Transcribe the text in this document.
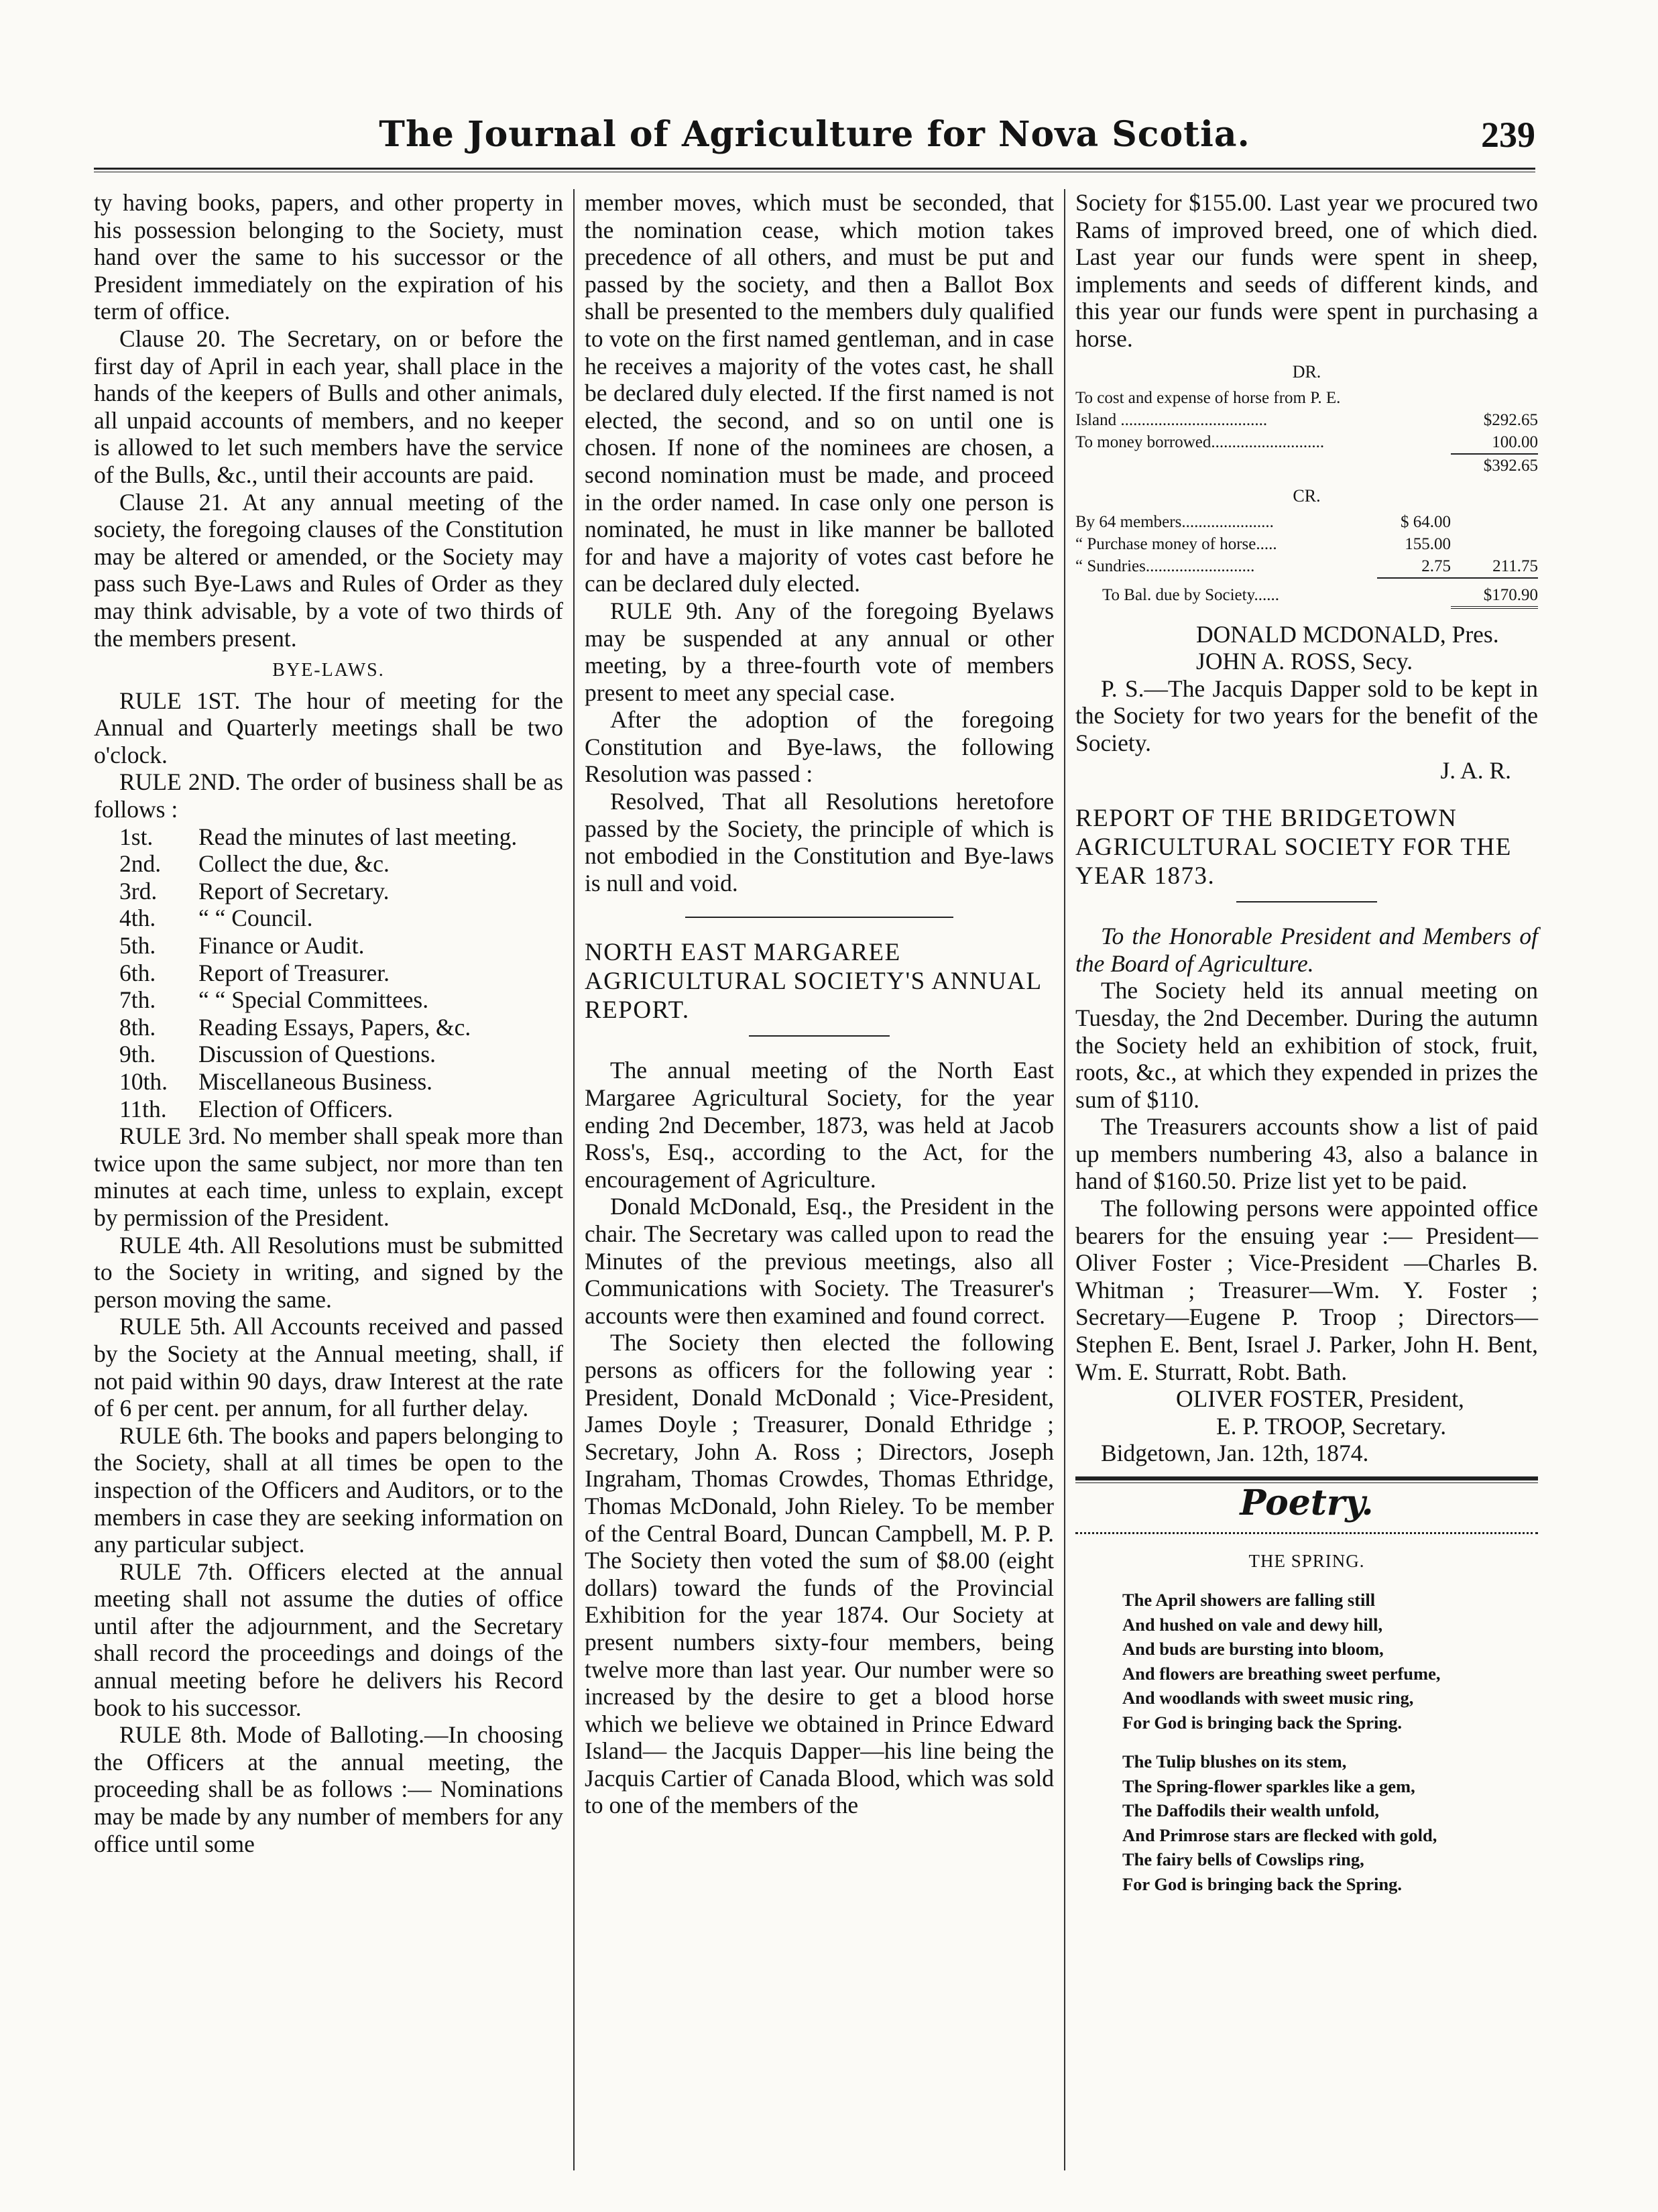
The Journal of Agriculture for Nova Scotia.	239

ty having books, papers, and other property in his possession belonging to the Society, must hand over the same to his successor or the President immediately on the expiration of his term of office.

Clause 20. The Secretary, on or before the first day of April in each year, shall place in the hands of the keepers of Bulls and other animals, all unpaid accounts of members, and no keeper is allowed to let such members have the service of the Bulls, &c., until their accounts are paid.

Clause 21. At any annual meeting of the society, the foregoing clauses of the Constitution may be altered or amended, or the Society may pass such Bye-Laws and Rules of Order as they may think advisable, by a vote of two thirds of the members present.

BYE-LAWS.

RULE 1ST. The hour of meeting for the Annual and Quarterly meetings shall be two o'clock.

RULE 2ND. The order of business shall be as follows :

1st.	Read the minutes of last meeting.
2nd.	Collect the due, &c.
3rd.	Report of Secretary.
4th.	“ “ Council.
5th.	Finance or Audit.
6th.	Report of Treasurer.
7th.	“ “ Special Committees.
8th.	Reading Essays, Papers, &c.
9th.	Discussion of Questions.
10th.	Miscellaneous Business.
11th.	Election of Officers.

RULE 3rd. No member shall speak more than twice upon the same subject, nor more than ten minutes at each time, unless to explain, except by permission of the President.

RULE 4th. All Resolutions must be submitted to the Society in writing, and signed by the person moving the same.

RULE 5th. All Accounts received and passed by the Society at the Annual meeting, shall, if not paid within 90 days, draw Interest at the rate of 6 per cent. per annum, for all further delay.

RULE 6th. The books and papers belonging to the Society, shall at all times be open to the inspection of the Officers and Auditors, or to the members in case they are seeking information on any particular subject.

RULE 7th. Officers elected at the annual meeting shall not assume the duties of office until after the adjournment, and the Secretary shall record the proceedings and doings of the annual meeting before he delivers his Record book to his successor.

RULE 8th. Mode of Balloting.—In choosing the Officers at the annual meeting, the proceeding shall be as follows :— Nominations may be made by any number of members for any office until some

member moves, which must be seconded, that the nomination cease, which motion takes precedence of all others, and must be put and passed by the society, and then a Ballot Box shall be presented to the members duly qualified to vote on the first named gentleman, and in case he receives a majority of the votes cast, he shall be declared duly elected. If the first named is not elected, the second, and so on until one is chosen. If none of the nominees are chosen, a second nomination must be made, and proceed in the order named. In case only one person is nominated, he must in like manner be balloted for and have a majority of votes cast before he can be declared duly elected.

RULE 9th. Any of the foregoing Byelaws may be suspended at any annual or other meeting, by a three-fourth vote of members present to meet any special case.

After the adoption of the foregoing Constitution and Bye-laws, the following Resolution was passed :

Resolved, That all Resolutions heretofore passed by the Society, the principle of which is not embodied in the Constitution and Bye-laws is null and void.

NORTH EAST MARGAREE AGRICULTURAL SOCIETY'S ANNUAL REPORT.

The annual meeting of the North East Margaree Agricultural Society, for the year ending 2nd December, 1873, was held at Jacob Ross's, Esq., according to the Act, for the encouragement of Agriculture.

Donald McDonald, Esq., the President in the chair. The Secretary was called upon to read the Minutes of the previous meetings, also all Communications with Society. The Treasurer's accounts were then examined and found correct.

The Society then elected the following persons as officers for the following year : President, Donald McDonald ; Vice-President, James Doyle ; Treasurer, Donald Ethridge ; Secretary, John A. Ross ; Directors, Joseph Ingraham, Thomas Crowdes, Thomas Ethridge, Thomas McDonald, John Rieley. To be member of the Central Board, Duncan Campbell, M. P. P. The Society then voted the sum of $8.00 (eight dollars) toward the funds of the Provincial Exhibition for the year 1874. Our Society at present numbers sixty-four members, being twelve more than last year. Our number were so increased by the desire to get a blood horse which we believe we obtained in Prince Edward Island— the Jacquis Dapper—his line being the Jacquis Cartier of Canada Blood, which was sold to one of the members of the

Society for $155.00. Last year we procured two Rams of improved breed, one of which died. Last year our funds were spent in sheep, implements and seeds of different kinds, and this year our funds were spent in purchasing a horse.

DR.
To cost and expense of horse from P. E.
Island ...................................	$292.65
To money borrowed...........................	100.00
$392.65
CR.
By 64 members......................	$ 64.00
“ Purchase money of horse.....	155.00
“ Sundries..........................	2.75	211.75
To Bal. due by Society......	$170.90

DONALD MCDONALD, Pres.

JOHN A. ROSS, Secy.

P. S.—The Jacquis Dapper sold to be kept in the Society for two years for the benefit of the Society.

J. A. R.

REPORT OF THE BRIDGETOWN AGRICULTURAL SOCIETY FOR THE YEAR 1873.

To the Honorable President and Members of the Board of Agriculture.

The Society held its annual meeting on Tuesday, the 2nd December. During the autumn the Society held an exhibition of stock, fruit, roots, &c., at which they expended in prizes the sum of $110.

The Treasurers accounts show a list of paid up members numbering 43, also a balance in hand of $160.50. Prize list yet to be paid.

The following persons were appointed office bearers for the ensuing year :— President—Oliver Foster ; Vice-President —Charles B. Whitman ; Treasurer—Wm. Y. Foster ; Secretary—Eugene P. Troop ; Directors—Stephen E. Bent, Israel J. Parker, John H. Bent, Wm. E. Sturratt, Robt. Bath.

OLIVER FOSTER, President,

E. P. TROOP, Secretary.

Bidgetown, Jan. 12th, 1874.

Poetry.
THE SPRING.
The April showers are falling still
And hushed on vale and dewy hill,
And buds are bursting into bloom,
And flowers are breathing sweet perfume,
And woodlands with sweet music ring,
For God is bringing back the Spring.
The Tulip blushes on its stem,
The Spring-flower sparkles like a gem,
The Daffodils their wealth unfold,
And Primrose stars are flecked with gold,
The fairy bells of Cowslips ring,
For God is bringing back the Spring.
